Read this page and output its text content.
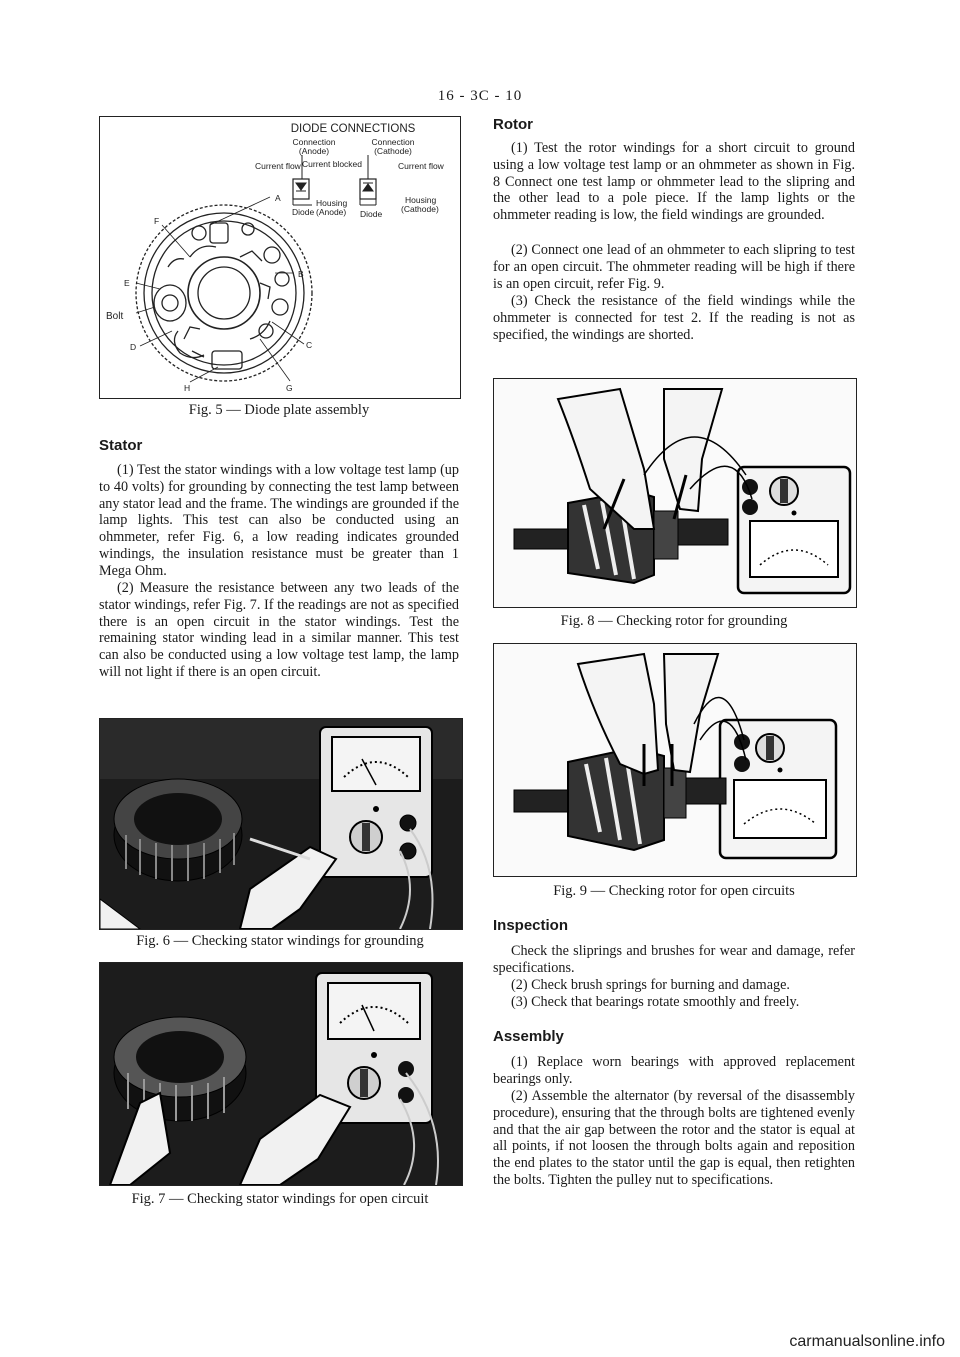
16 - 3C - 10
DIODE CONNECTIONS
Connection
(Anode)
Connection
(Cathode)
Current flow Current blocked	Current flow
Housing
(Anode)
Housing
(Cathode)
Diode	Diode
F
A
B
C
E
Bolt
D
H	G
Fig. 5 — Diode plate assembly
Stator

(1) Test the stator windings with a low voltage test lamp (up to 40 volts) for grounding by connecting the test lamp between any stator lead and the frame. The windings are grounded if the lamp lights. This test can also be conducted using an ohmmeter, refer Fig. 6, a low reading indicates grounded windings, the insulation resistance must be greater than 1 Mega Ohm.

(2) Measure the resistance between any two leads of the stator windings, refer Fig. 7. If the readings are not as specified there is an open circuit in the stator windings. Test the remaining stator winding lead in a similar manner. This test can also be conducted using a low voltage test lamp, the lamp will not light if there is an open circuit.

Fig. 6 — Checking stator windings for grounding
Fig. 7 — Checking stator windings for open circuit
Rotor

(1) Test the rotor windings for a short circuit to ground using a low voltage test lamp or an ohmmeter as shown in Fig. 8 Connect one test lamp or ohmmeter lead to the slipring and the other lead to a pole piece. If the lamp lights or the ohmmeter reading is low, the field windings are grounded.

(2) Connect one lead of an ohmmeter to each slipring to test for an open circuit. The ohmmeter reading will be high if there is an open circuit, refer Fig. 9.

(3) Check the resistance of the field windings while the ohmmeter is connected for test 2. If the reading is not as specified, the windings are shorted.

Fig. 8 — Checking rotor for grounding
Fig. 9 — Checking rotor for open circuits
Inspection

Check the sliprings and brushes for wear and damage, refer specifications.

(2) Check brush springs for burning and damage.

(3) Check that bearings rotate smoothly and freely.

Assembly

(1) Replace worn bearings with approved replacement bearings only.

(2) Assemble the alternator (by reversal of the disassembly procedure), ensuring that the through bolts are tightened evenly and that the air gap between the rotor and the stator is equal at all points, if not loosen the through bolts again and reposition the end plates to the stator until the gap is equal, then retighten the bolts. Tighten the pulley nut to specifications.

carmanualsonline.info
